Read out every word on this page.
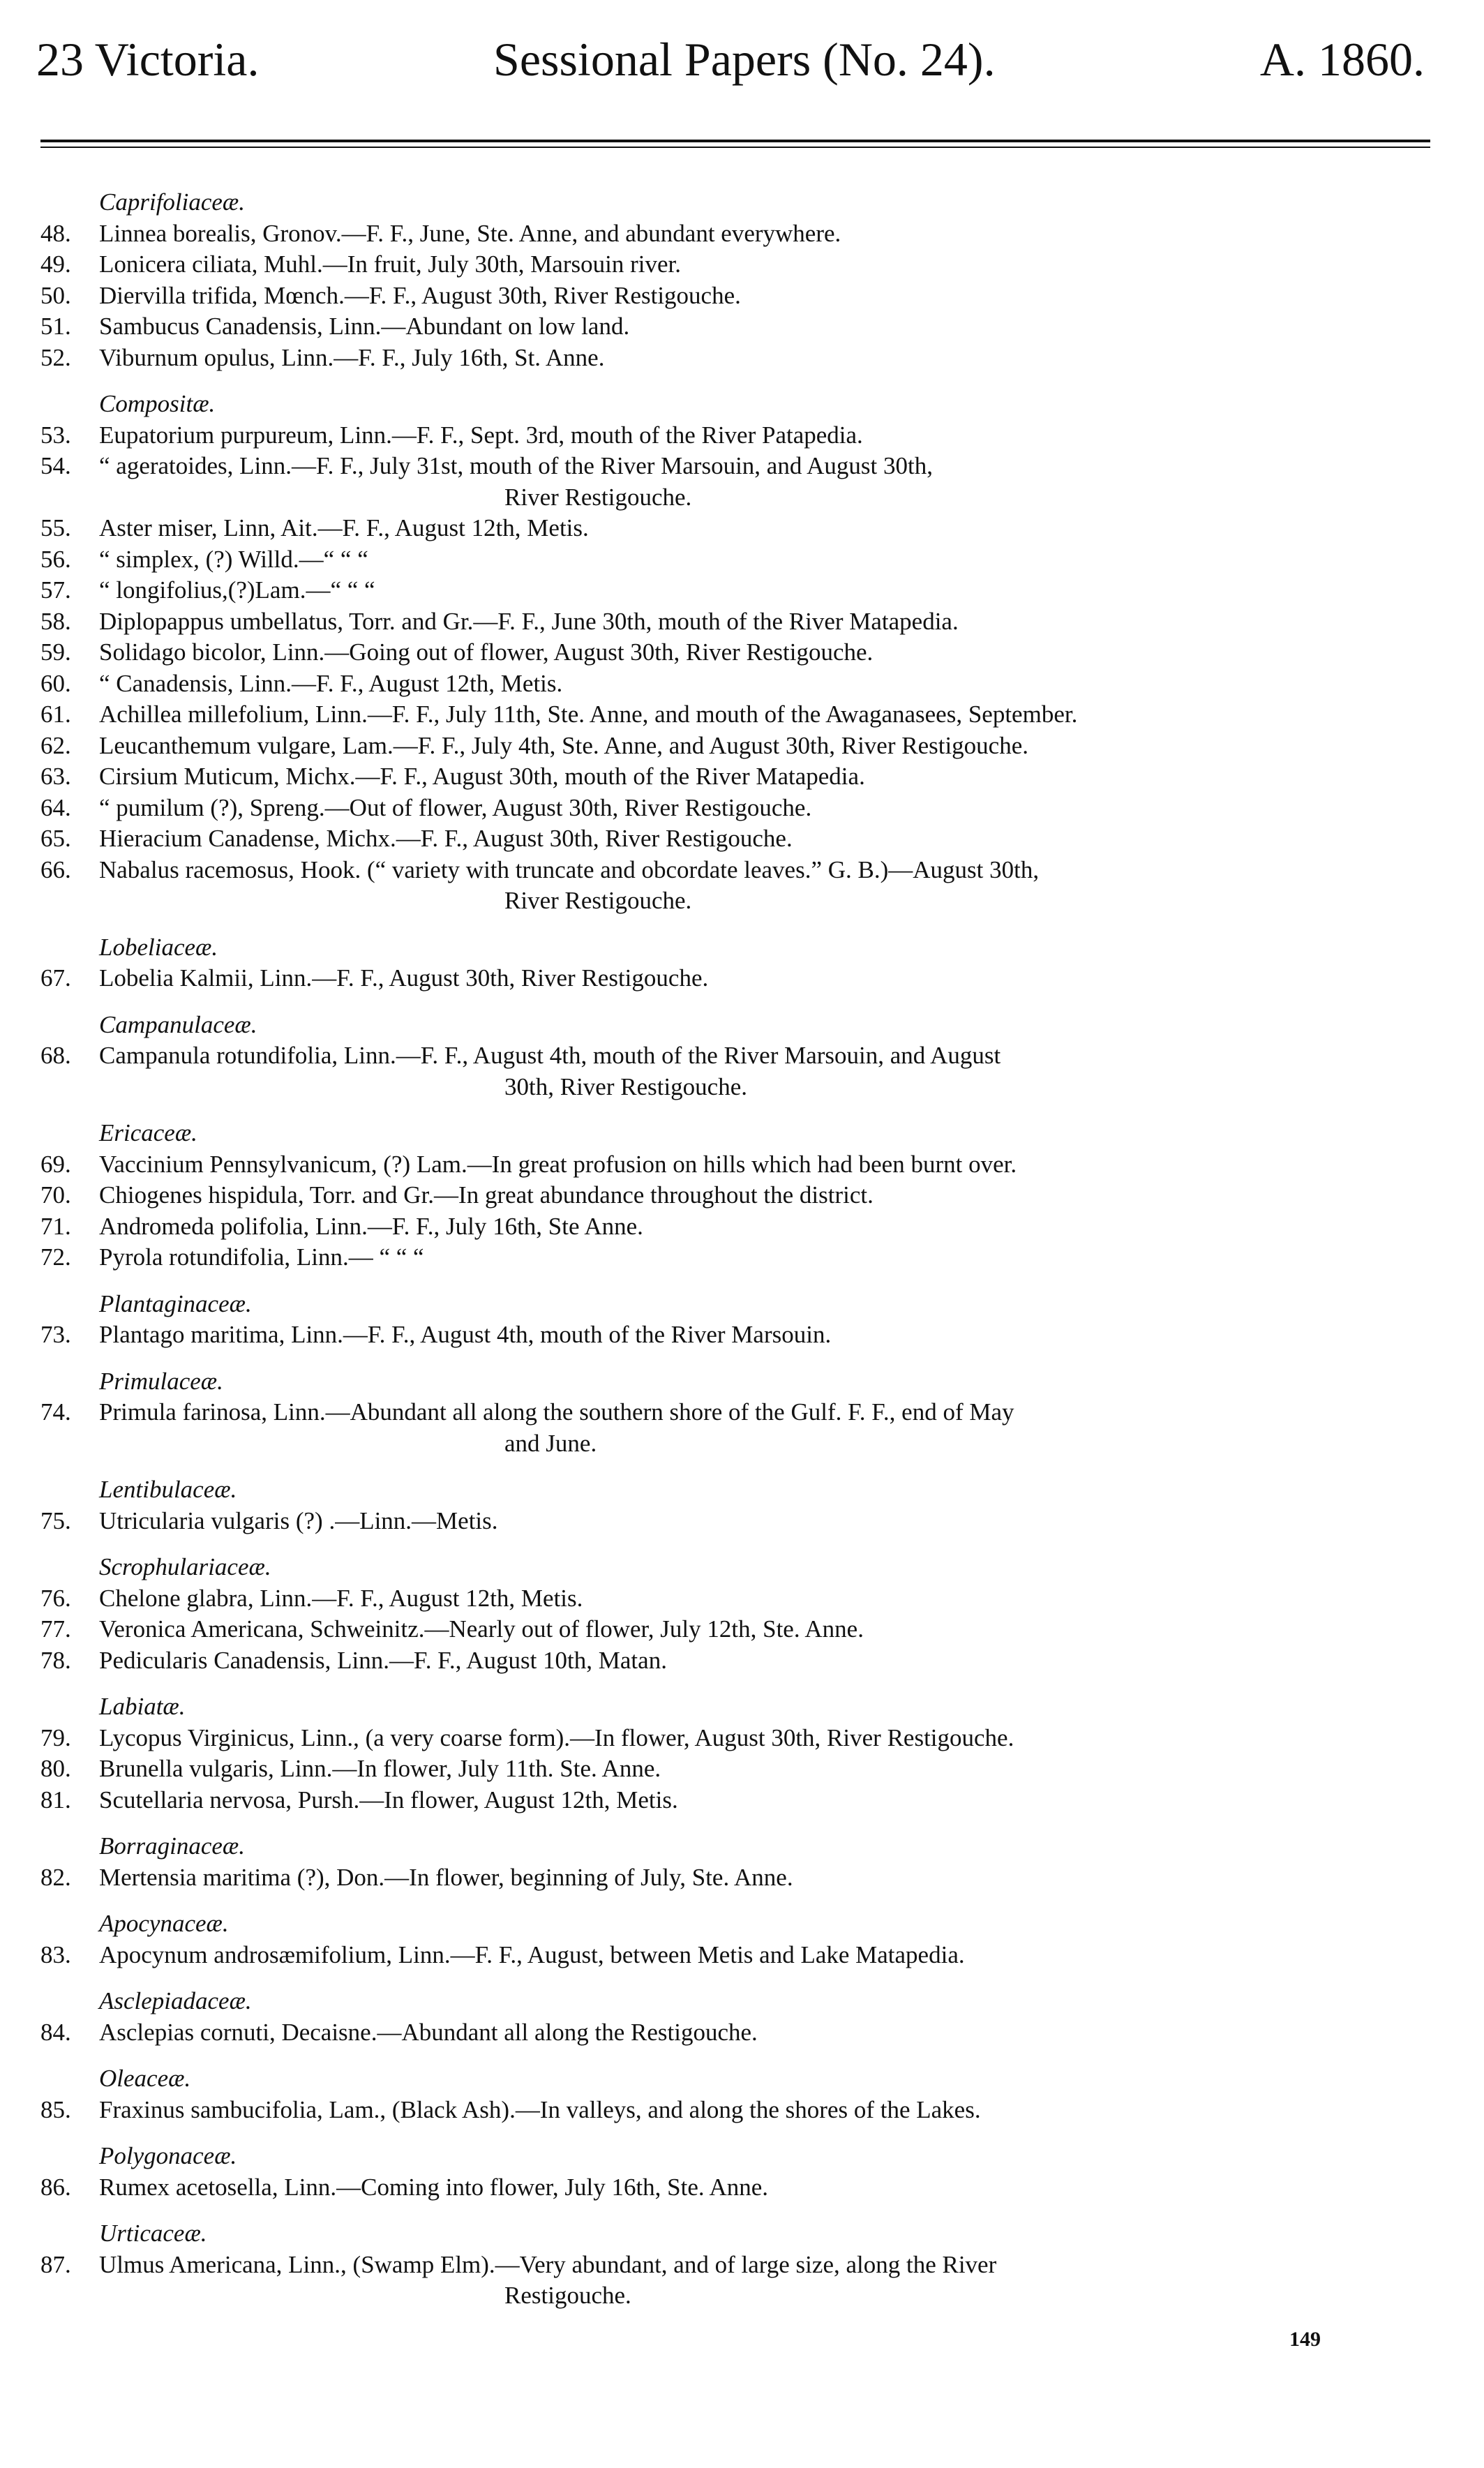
23 Victoria.	Sessional Papers (No. 24).	A. 1860.
Caprifoliaceæ.
48.	Linnea borealis, Gronov.—F. F., June, Ste. Anne, and abundant everywhere.
49.	Lonicera ciliata, Muhl.—In fruit, July 30th, Marsouin river.
50.	Diervilla trifida, Mœnch.—F. F., August 30th, River Restigouche.
51.	Sambucus Canadensis, Linn.—Abundant on low land.
52.	Viburnum opulus, Linn.—F. F., July 16th, St. Anne.
Compositæ.
53.	Eupatorium purpureum, Linn.—F. F., Sept. 3rd, mouth of the River Patapedia.
54.	“ ageratoides, Linn.—F. F., July 31st, mouth of the River Marsouin, and August 30th,
River Restigouche.
55.	Aster miser, Linn, Ait.—F. F., August 12th, Metis.
56.	“ simplex, (?) Willd.—“ “ “
57.	“ longifolius,(?)Lam.—“ “ “
58.	Diplopappus umbellatus, Torr. and Gr.—F. F., June 30th, mouth of the River Matapedia.
59.	Solidago bicolor, Linn.—Going out of flower, August 30th, River Restigouche.
60.	“ Canadensis, Linn.—F. F., August 12th, Metis.
61.	Achillea millefolium, Linn.—F. F., July 11th, Ste. Anne, and mouth of the Awaganasees, September.
62.	Leucanthemum vulgare, Lam.—F. F., July 4th, Ste. Anne, and August 30th, River Restigouche.
63.	Cirsium Muticum, Michx.—F. F., August 30th, mouth of the River Matapedia.
64.	“ pumilum (?), Spreng.—Out of flower, August 30th, River Restigouche.
65.	Hieracium Canadense, Michx.—F. F., August 30th, River Restigouche.
66.	Nabalus racemosus, Hook. (“ variety with truncate and obcordate leaves.” G. B.)—August 30th,
River Restigouche.
Lobeliaceæ.
67.	Lobelia Kalmii, Linn.—F. F., August 30th, River Restigouche.
Campanulaceæ.
68.	Campanula rotundifolia, Linn.—F. F., August 4th, mouth of the River Marsouin, and August
30th, River Restigouche.
Ericaceæ.
69.	Vaccinium Pennsylvanicum, (?) Lam.—In great profusion on hills which had been burnt over.
70.	Chiogenes hispidula, Torr. and Gr.—In great abundance throughout the district.
71.	Andromeda polifolia, Linn.—F. F., July 16th, Ste Anne.
72.	Pyrola rotundifolia, Linn.— “ “ “
Plantaginaceæ.
73.	Plantago maritima, Linn.—F. F., August 4th, mouth of the River Marsouin.
Primulaceæ.
74.	Primula farinosa, Linn.—Abundant all along the southern shore of the Gulf. F. F., end of May
and June.
Lentibulaceæ.
75.	Utricularia vulgaris (?) .—Linn.—Metis.
Scrophulariaceæ.
76.	Chelone glabra, Linn.—F. F., August 12th, Metis.
77.	Veronica Americana, Schweinitz.—Nearly out of flower, July 12th, Ste. Anne.
78.	Pedicularis Canadensis, Linn.—F. F., August 10th, Matan.
Labiatæ.
79.	Lycopus Virginicus, Linn., (a very coarse form).—In flower, August 30th, River Restigouche.
80.	Brunella vulgaris, Linn.—In flower, July 11th. Ste. Anne.
81.	Scutellaria nervosa, Pursh.—In flower, August 12th, Metis.
Borraginaceæ.
82.	Mertensia maritima (?), Don.—In flower, beginning of July, Ste. Anne.
Apocynaceæ.
83.	Apocynum androsæmifolium, Linn.—F. F., August, between Metis and Lake Matapedia.
Asclepiadaceæ.
84.	Asclepias cornuti, Decaisne.—Abundant all along the Restigouche.
Oleaceæ.
85.	Fraxinus sambucifolia, Lam., (Black Ash).—In valleys, and along the shores of the Lakes.
Polygonaceæ.
86.	Rumex acetosella, Linn.—Coming into flower, July 16th, Ste. Anne.
Urticaceæ.
87.	Ulmus Americana, Linn., (Swamp Elm).—Very abundant, and of large size, along the River
Restigouche.
149
